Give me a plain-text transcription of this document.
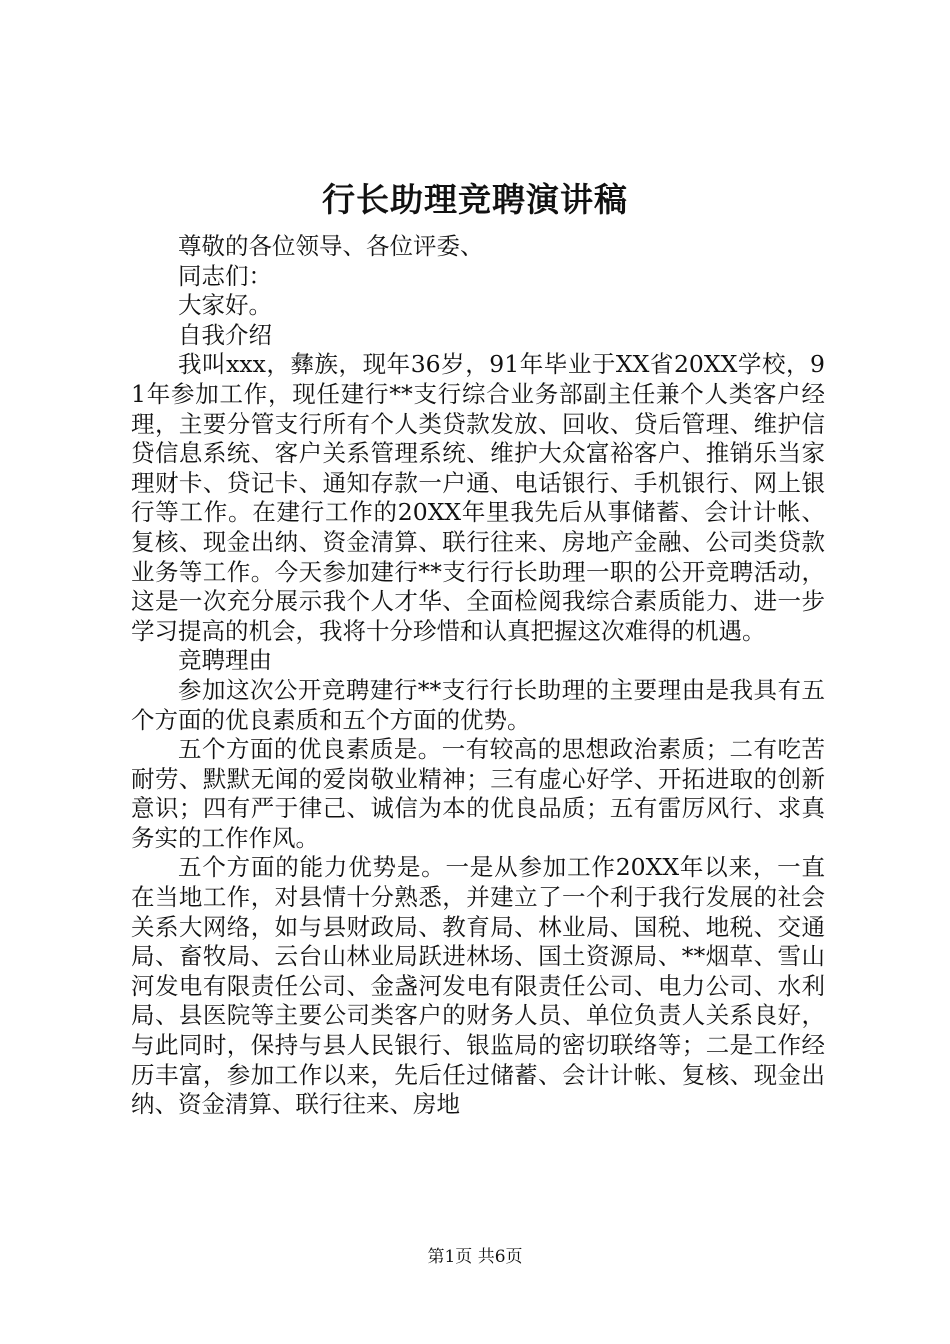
行长助理竞聘演讲稿

尊敬的各位领导、各位评委、

同志们：

大家好。

自我介绍

我叫xxx，彝族，现年36岁，91年毕业于XX省20XX学校，91年参加工作，现任建行**支行综合业务部副主任兼个人类客户经理，主要分管支行所有个人类贷款发放、回收、贷后管理、维护信贷信息系统、客户关系管理系统、维护大众富裕客户、推销乐当家理财卡、贷记卡、通知存款一户通、电话银行、手机银行、网上银行等工作。在建行工作的20XX年里我先后从事储蓄、会计计帐、复核、现金出纳、资金清算、联行往来、房地产金融、公司类贷款业务等工作。今天参加建行**支行行长助理一职的公开竞聘活动，这是一次充分展示我个人才华、全面检阅我综合素质能力、进一步学习提高的机会，我将十分珍惜和认真把握这次难得的机遇。

竞聘理由

参加这次公开竞聘建行**支行行长助理的主要理由是我具有五个方面的优良素质和五个方面的优势。

五个方面的优良素质是。一有较高的思想政治素质；二有吃苦耐劳、默默无闻的爱岗敬业精神；三有虚心好学、开拓进取的创新意识；四有严于律己、诚信为本的优良品质；五有雷厉风行、求真务实的工作作风。

五个方面的能力优势是。一是从参加工作20XX年以来，一直在当地工作，对县情十分熟悉，并建立了一个利于我行发展的社会关系大网络，如与县财政局、教育局、林业局、国税、地税、交通局、畜牧局、云台山林业局跃进林场、国土资源局、**烟草、雪山河发电有限责任公司、金盏河发电有限责任公司、电力公司、水利局、县医院等主要公司类客户的财务人员、单位负责人关系良好，与此同时，保持与县人民银行、银监局的密切联络等；二是工作经历丰富，参加工作以来，先后任过储蓄、会计计帐、复核、现金出纳、资金清算、联行往来、房地

第1页 共6页
